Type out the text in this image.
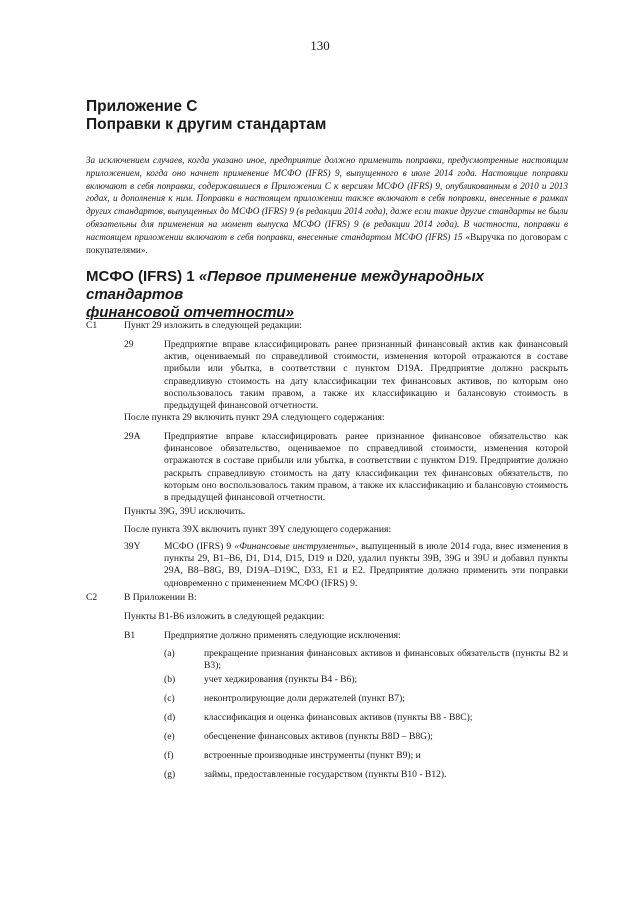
130
Приложение С
Поправки к другим стандартам
За исключением случаев, когда указано иное, предприятие должно применить поправки, предусмотренные настоящим приложением, когда оно начнет применение МСФО (IFRS) 9, выпущенного в июле 2014 года. Настоящие поправки включают в себя поправки, содержавшиеся в Приложении С к версиям МСФО (IFRS) 9, опубликованным в 2010 и 2013 годах, и дополнения к ним. Поправки в настоящем приложении также включают в себя поправки, внесенные в рамках других стандартов, выпущенных до МСФО (IFRS) 9 (в редакции 2014 года), даже если такие другие стандарты не были обязательны для применения на момент выпуска МСФО (IFRS) 9 (в редакции 2014 года). В частности, поправки в настоящем приложении включают в себя поправки, внесенные стандартом МСФО (IFRS) 15 «Выручка по договорам с покупателями».
МСФО (IFRS) 1 «Первое применение международных стандартов
финансовой отчетности»
C1	Пункт 29 изложить в следующей редакции:
29	Предприятие вправе классифицировать ранее признанный финансовый актив как финансовый актив, оцениваемый по справедливой стоимости, изменения которой отражаются в составе прибыли или убытка, в соответствии с пунктом D19A. Предприятие должно раскрыть справедливую стоимость на дату классификации тех финансовых активов, по которым оно воспользовалось таким правом, а также их классификацию и балансовую стоимость в предыдущей финансовой отчетности.
После пункта 29 включить пункт 29А следующего содержания:
29A Предприятие вправе классифицировать ранее признанное финансовое обязательство как финансовое обязательство, оцениваемое по справедливой стоимости, изменения которой отражаются в составе прибыли или убытка, в соответствии с пунктом D19. Предприятие должно раскрыть справедливую стоимость на дату классификации тех финансовых обязательств, по которым оно воспользовалось таким правом, а также их классификацию и балансовую стоимость в предыдущей финансовой отчетности.
Пункты 39G, 39U исключить.
После пункта 39X включить пункт 39Y следующего содержания:
39Y МСФО (IFRS) 9 «Финансовые инструменты», выпущенный в июле 2014 года, внес изменения в пункты 29, B1–B6, D1, D14, D15, D19 и D20, удалил пункты 39B, 39G и 39U и добавил пункты 29A, B8–B8G, B9, D19A–D19C, D33, E1 и E2. Предприятие должно применить эти поправки одновременно с применением МСФО (IFRS) 9.
C2	В Приложении B:
Пункты B1-B6 изложить в следующей редакции:
B1	Предприятие должно применять следующие исключения:
(a)	прекращение признания финансовых активов и финансовых обязательств (пункты B2 и B3);
(b)	учет хеджирования (пункты B4 - B6);
(c)	неконтролирующие доли держателей (пункт B7);
(d)	классификация и оценка финансовых активов (пункты B8 - B8C);
(e)	обесценение финансовых активов (пункты B8D – B8G);
(f)	встроенные производные инструменты (пункт B9); и
(g)	займы, предоставленные государством (пункты B10 - B12).
